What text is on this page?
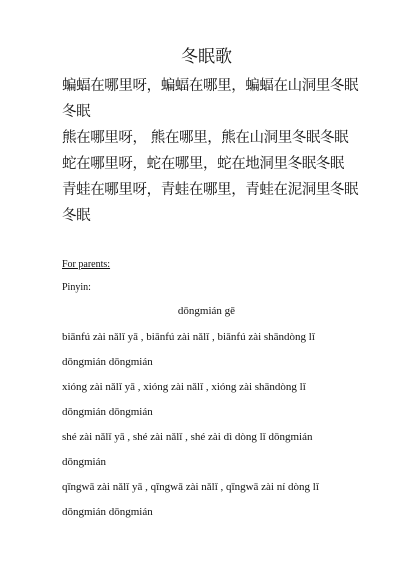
冬眠歌
蝙蝠在哪里呀，蝙蝠在哪里，蝙蝠在山洞里冬眠
冬眠
熊在哪里呀， 熊在哪里，熊在山洞里冬眠冬眠
蛇在哪里呀，蛇在哪里，蛇在地洞里冬眠冬眠
青蛙在哪里呀，青蛙在哪里，青蛙在泥洞里冬眠
冬眠
For parents:
Pinyin:
dōngmián gē
biānfú zài nǎlǐ yā , biānfú zài nǎlǐ , biānfú zài shāndòng lǐ
dōngmián dōngmián
xióng zài nǎlǐ yā , xióng zài nǎlǐ , xióng zài shāndòng lǐ
dōngmián dōngmián
shé zài nǎlǐ yā , shé zài nǎlǐ , shé zài dì dòng lǐ dōngmián
dōngmián
qīngwā zài nǎlǐ yā , qīngwā zài nǎlǐ , qīngwā zài ní dòng lǐ
dōngmián dōngmián
